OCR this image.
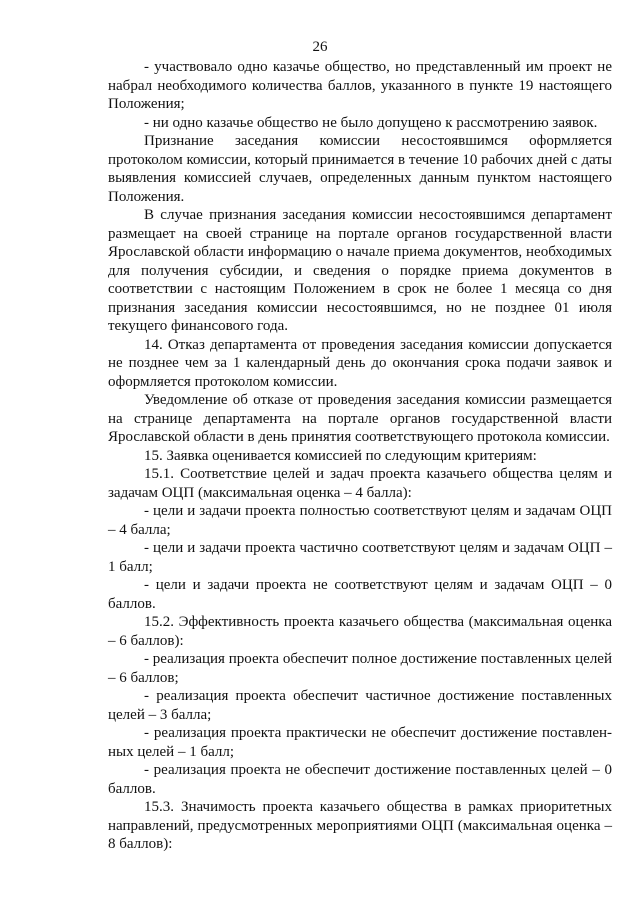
26

- участвовало одно казачье общество, но представленный им проект не набрал необходимого количества баллов, указанного в пункте 19 настоящего Положения;

- ни одно казачье общество не было допущено к рассмотрению заявок.

Признание заседания комиссии несостоявшимся оформляется протоколом комиссии, который принимается в течение 10 рабочих дней с даты выявления комиссией случаев, определенных данным пунктом настоящего Положения.

В случае признания заседания комиссии несостоявшимся департамент размещает на своей странице на портале органов государственной власти Ярославской области информацию о начале приема документов, необходимых для получения субсидии, и сведения о порядке приема документов в соответствии с настоящим Положением в срок не более 1 месяца со дня признания заседания комиссии несостоявшимся, но не позднее 01 июля текущего финансового года.

14. Отказ департамента от проведения заседания комиссии допускается не позднее чем за 1 календарный день до окончания срока подачи заявок и оформляется протоколом комиссии.

Уведомление об отказе от проведения заседания комиссии размещается на странице департамента на портале органов государственной власти Ярославской области в день принятия соответствующего протокола комиссии.

15. Заявка оценивается комиссией по следующим критериям:

15.1. Соответствие целей и задач проекта казачьего общества целям и задачам ОЦП (максимальная оценка – 4 балла):

- цели и задачи проекта полностью соответствуют целям и задачам ОЦП – 4 балла;

- цели и задачи проекта частично соответствуют целям и задачам ОЦП – 1 балл;

- цели и задачи проекта не соответствуют целям и задачам ОЦП – 0 баллов.

15.2. Эффективность проекта казачьего общества (максимальная оценка – 6 баллов):

- реализация проекта обеспечит полное достижение поставленных целей – 6 баллов;

- реализация проекта обеспечит частичное достижение поставленных целей – 3 балла;

- реализация проекта практически не обеспечит достижение поставлен-ных целей – 1 балл;

- реализация проекта не обеспечит достижение поставленных целей – 0 баллов.

15.3. Значимость проекта казачьего общества в рамках приоритетных направлений, предусмотренных мероприятиями ОЦП (максимальная оценка – 8 баллов):
